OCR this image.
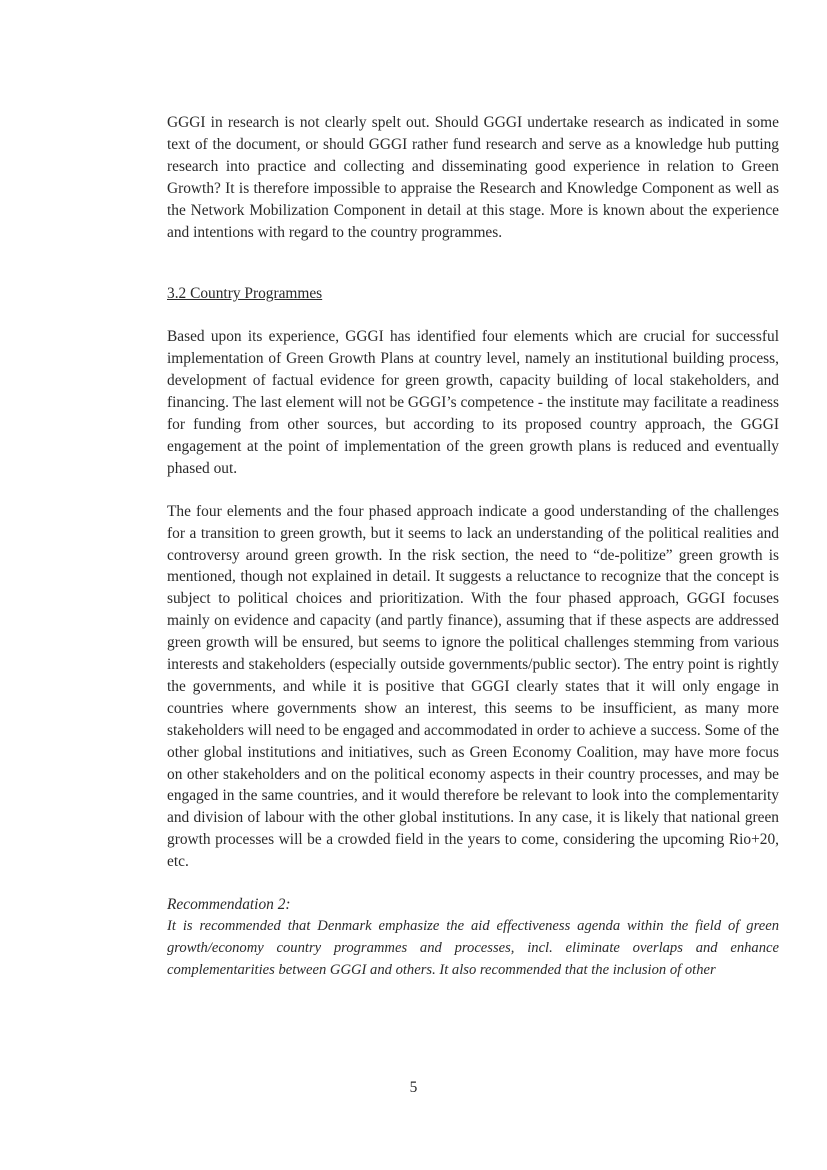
GGGI in research is not clearly spelt out. Should GGGI undertake research as indicated in some text of the document, or should GGGI rather fund research and serve as a knowledge hub putting research into practice and collecting and disseminating good experience in relation to Green Growth? It is therefore impossible to appraise the Research and Knowledge Component as well as the Network Mobilization Component in detail at this stage. More is known about the experience and intentions with regard to the country programmes.

3.2 Country Programmes

Based upon its experience, GGGI has identified four elements which are crucial for successful implementation of Green Growth Plans at country level, namely an institutional building process, development of factual evidence for green growth, capacity building of local stakeholders, and financing. The last element will not be GGGI’s competence - the institute may facilitate a readiness for funding from other sources, but according to its proposed country approach, the GGGI engagement at the point of implementation of the green growth plans is reduced and eventually phased out.

The four elements and the four phased approach indicate a good understanding of the challenges for a transition to green growth, but it seems to lack an understanding of the political realities and controversy around green growth. In the risk section, the need to “de-politize” green growth is mentioned, though not explained in detail. It suggests a reluctance to recognize that the concept is subject to political choices and prioritization. With the four phased approach, GGGI focuses mainly on evidence and capacity (and partly finance), assuming that if these aspects are addressed green growth will be ensured, but seems to ignore the political challenges stemming from various interests and stakeholders (especially outside governments/public sector). The entry point is rightly the governments, and while it is positive that GGGI clearly states that it will only engage in countries where governments show an interest, this seems to be insufficient, as many more stakeholders will need to be engaged and accommodated in order to achieve a success. Some of the other global institutions and initiatives, such as Green Economy Coalition, may have more focus on other stakeholders and on the political economy aspects in their country processes, and may be engaged in the same countries, and it would therefore be relevant to look into the complementarity and division of labour with the other global institutions. In any case, it is likely that national green growth processes will be a crowded field in the years to come, considering the upcoming Rio+20, etc.

Recommendation 2:

It is recommended that Denmark emphasize the aid effectiveness agenda within the field of green growth/economy country programmes and processes, incl. eliminate overlaps and enhance complementarities between GGGI and others. It also recommended that the inclusion of other

5
